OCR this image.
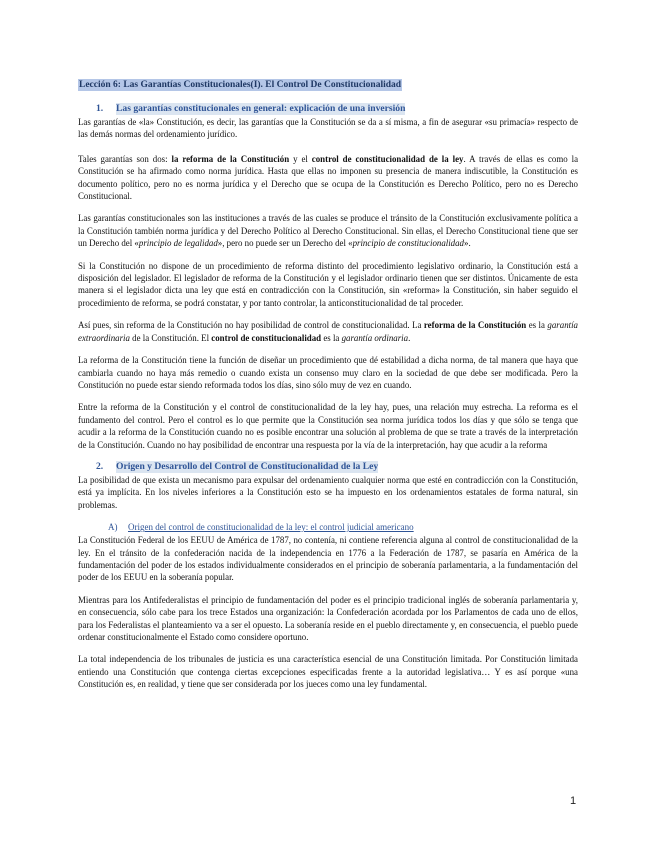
Lección 6: Las Garantías Constitucionales(I). El Control De Constitucionalidad
1.	Las garantías constitucionales en general: explicación de una inversión

Las garantías de «la» Constitución, es decir, las garantías que la Constitución se da a sí misma, a fin de asegurar «su primacía» respecto de las demás normas del ordenamiento jurídico.

Tales garantías son dos: la reforma de la Constitución y el control de constitucionalidad de la ley. A través de ellas es como la Constitución se ha afirmado como norma jurídica. Hasta que ellas no imponen su presencia de manera indiscutible, la Constitución es documento político, pero no es norma jurídica y el Derecho que se ocupa de la Constitución es Derecho Político, pero no es Derecho Constitucional.

Las garantías constitucionales son las instituciones a través de las cuales se produce el tránsito de la Constitución exclusivamente política a la Constitución también norma jurídica y del Derecho Político al Derecho Constitucional. Sin ellas, el Derecho Constitucional tiene que ser un Derecho del «principio de legalidad», pero no puede ser un Derecho del «principio de constitucionalidad».

Si la Constitución no dispone de un procedimiento de reforma distinto del procedimiento legislativo ordinario, la Constitución está a disposición del legislador. El legislador de reforma de la Constitución y el legislador ordinario tienen que ser distintos. Únicamente de esta manera si el legislador dicta una ley que está en contradicción con la Constitución, sin «reforma» la Constitución, sin haber seguido el procedimiento de reforma, se podrá constatar, y por tanto controlar, la anticonstitucionalidad de tal proceder.

Así pues, sin reforma de la Constitución no hay posibilidad de control de constitucionalidad. La reforma de la Constitución es la garantía extraordinaria de la Constitución. El control de constitucionalidad es la garantía ordinaria.

La reforma de la Constitución tiene la función de diseñar un procedimiento que dé estabilidad a dicha norma, de tal manera que haya que cambiarla cuando no haya más remedio o cuando exista un consenso muy claro en la sociedad de que debe ser modificada. Pero la Constitución no puede estar siendo reformada todos los días, sino sólo muy de vez en cuando.

Entre la reforma de la Constitución y el control de constitucionalidad de la ley hay, pues, una relación muy estrecha. La reforma es el fundamento del control. Pero el control es lo que permite que la Constitución sea norma jurídica todos los días y que sólo se tenga que acudir a la reforma de la Constitución cuando no es posible encontrar una solución al problema de que se trate a través de la interpretación de la Constitución. Cuando no hay posibilidad de encontrar una respuesta por la vía de la interpretación, hay que acudir a la reforma

2.	Origen y Desarrollo del Control de Constitucionalidad de la Ley

La posibilidad de que exista un mecanismo para expulsar del ordenamiento cualquier norma que esté en contradicción con la Constitución, está ya implícita. En los niveles inferiores a la Constitución esto se ha impuesto en los ordenamientos estatales de forma natural, sin problemas.

A)	Origen del control de constitucionalidad de la ley: el control judicial americano

La Constitución Federal de los EEUU de América de 1787, no contenía, ni contiene referencia alguna al control de constitucionalidad de la ley. En el tránsito de la confederación nacida de la independencia en 1776 a la Federación de 1787, se pasaría en América de la fundamentación del poder de los estados individualmente considerados en el principio de soberanía parlamentaria, a la fundamentación del poder de los EEUU en la soberanía popular.

Mientras para los Antifederalistas el principio de fundamentación del poder es el principio tradicional inglés de soberanía parlamentaria y, en consecuencia, sólo cabe para los trece Estados una organización: la Confederación acordada por los Parlamentos de cada uno de ellos, para los Federalistas el planteamiento va a ser el opuesto. La soberanía reside en el pueblo directamente y, en consecuencia, el pueblo puede ordenar constitucionalmente el Estado como considere oportuno.

La total independencia de los tribunales de justicia es una característica esencial de una Constitución limitada. Por Constitución limitada entiendo una Constitución que contenga ciertas excepciones especificadas frente a la autoridad legislativa… Y es así porque «una Constitución es, en realidad, y tiene que ser considerada por los jueces como una ley fundamental.

1
